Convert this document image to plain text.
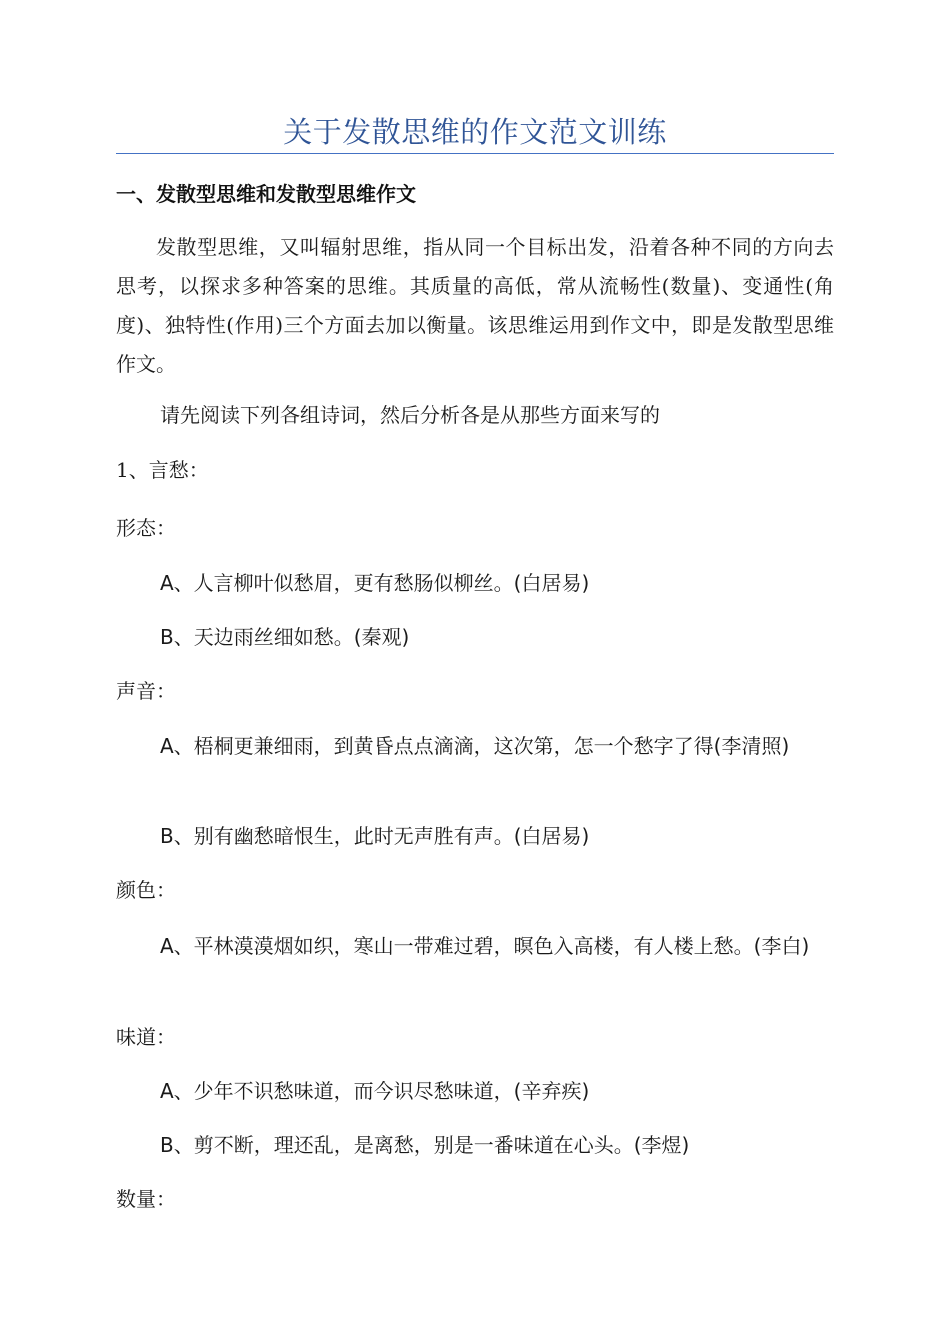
关于发散思维的作文范文训练
一、发散型思维和发散型思维作文

发散型思维，又叫辐射思维，指从同一个目标出发，沿着各种不同的方向去思考，以探求多种答案的思维。其质量的高低，常从流畅性(数量)、变通性(角度)、独特性(作用)三个方面去加以衡量。该思维运用到作文中，即是发散型思维作文。

请先阅读下列各组诗词，然后分析各是从那些方面来写的

1、言愁：

形态：

A、人言柳叶似愁眉，更有愁肠似柳丝。(白居易)

B、天边雨丝细如愁。(秦观)

声音：

A、梧桐更兼细雨，到黄昏点点滴滴，这次第，怎一个愁字了得(李清照)

B、别有幽愁暗恨生，此时无声胜有声。(白居易)

颜色：

A、平林漠漠烟如织，寒山一带难过碧，暝色入高楼，有人楼上愁。(李白)

味道：

A、少年不识愁味道，而今识尽愁味道，(辛弃疾)

B、剪不断，理还乱，是离愁，别是一番味道在心头。(李煜)

数量：
